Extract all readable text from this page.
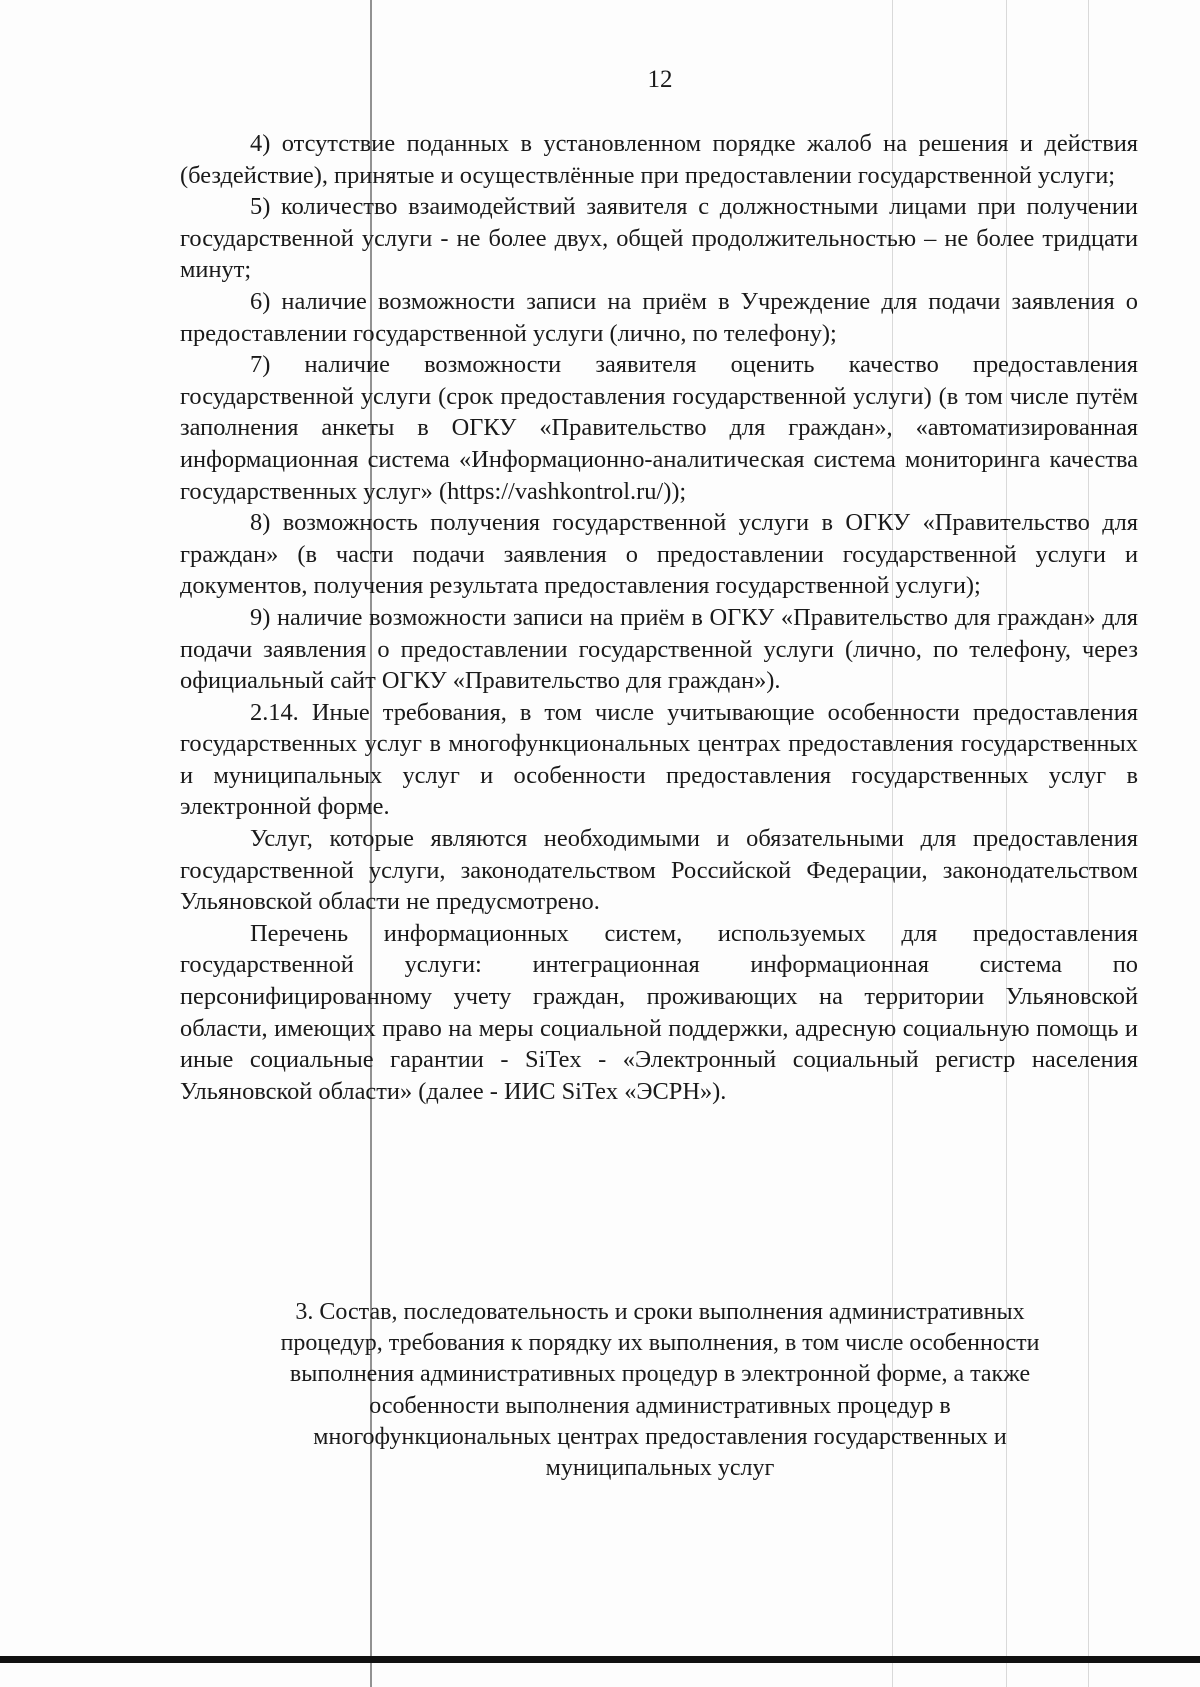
12

4) отсутствие поданных в установленном порядке жалоб на решения и действия (бездействие), принятые и осуществлённые при предоставлении государственной услуги;

5) количество взаимодействий заявителя с должностными лицами при получении государственной услуги - не более двух, общей продолжительностью – не более тридцати минут;

6) наличие возможности записи на приём в Учреждение для подачи заявления о предоставлении государственной услуги (лично, по телефону);

7) наличие возможности заявителя оценить качество предоставления государственной услуги (срок предоставления государственной услуги) (в том числе путём заполнения анкеты в ОГКУ «Правительство для граждан», «автоматизированная информационная система «Информационно-аналитическая система мониторинга качества государственных услуг» (https://vashkontrol.ru/));

8) возможность получения государственной услуги в ОГКУ «Правительство для граждан» (в части подачи заявления о предоставлении государственной услуги и документов, получения результата предоставления государственной услуги);

9) наличие возможности записи на приём в ОГКУ «Правительство для граждан» для подачи заявления о предоставлении государственной услуги (лично, по телефону, через официальный сайт ОГКУ «Правительство для граждан»).

2.14. Иные требования, в том числе учитывающие особенности предоставления государственных услуг в многофункциональных центрах предоставления государственных и муниципальных услуг и особенности предоставления государственных услуг в электронной форме.

Услуг, которые являются необходимыми и обязательными для предоставления государственной услуги, законодательством Российской Федерации, законодательством Ульяновской области не предусмотрено.

Перечень информационных систем, используемых для предоставления государственной услуги: интеграционная информационная система по персонифицированному учету граждан, проживающих на территории Ульяновской области, имеющих право на меры социальной поддержки, адресную социальную помощь и иные социальные гарантии - SiTex - «Электронный социальный регистр населения Ульяновской области» (далее - ИИС SiTex «ЭСРН»).

3. Состав, последовательность и сроки выполнения административных

процедур, требования к порядку их выполнения, в том числе особенности

выполнения административных процедур в электронной форме, а также

особенности выполнения административных процедур в

многофункциональных центрах предоставления государственных и

муниципальных услуг
